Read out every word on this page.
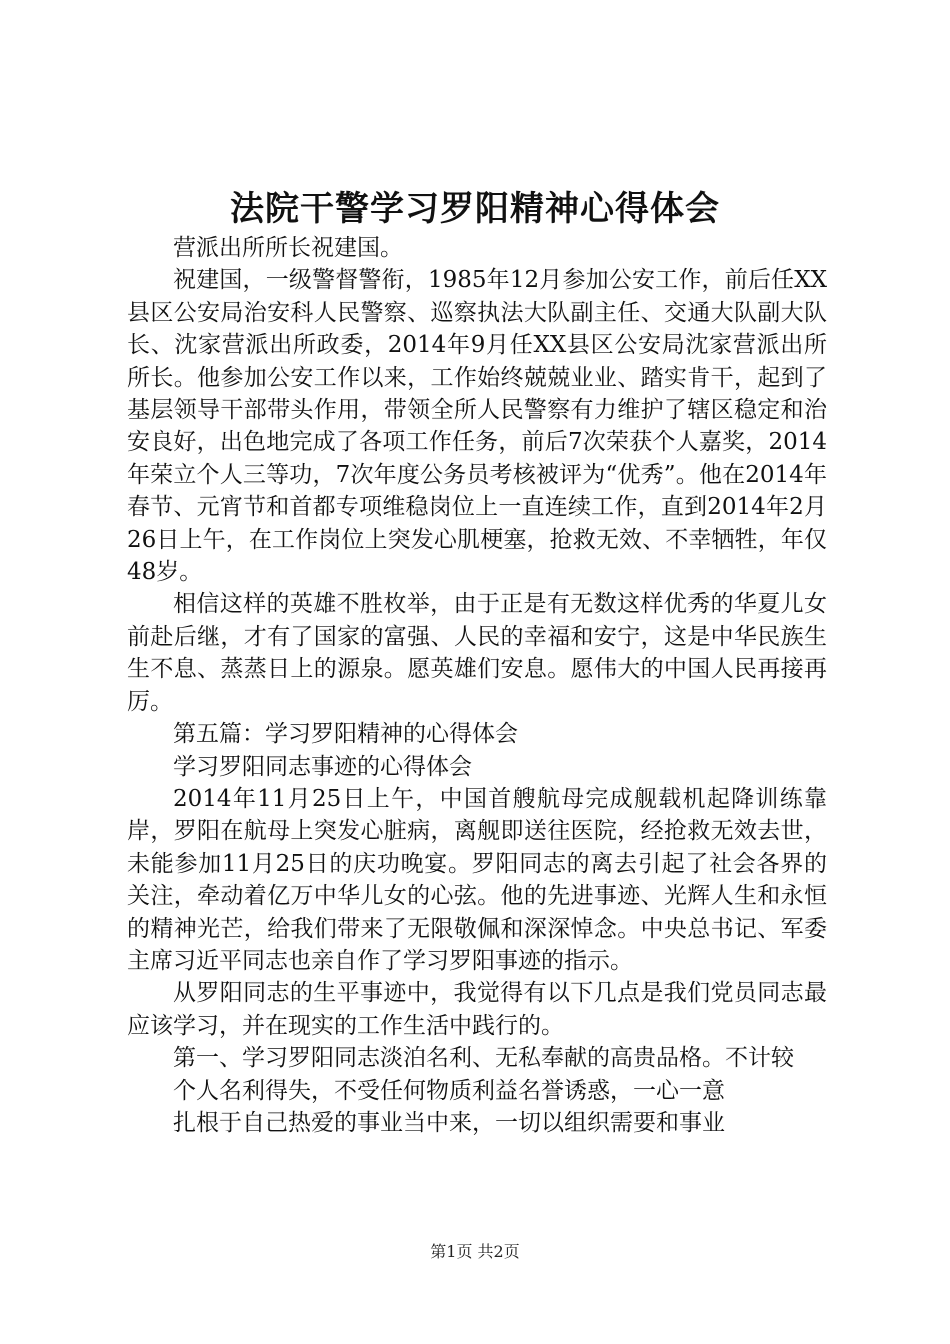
法院干警学习罗阳精神心得体会

营派出所所长祝建国。

祝建国，一级警督警衔，1985年12月参加公安工作，前后任XX县区公安局治安科人民警察、巡察执法大队副主任、交通大队副大队长、沈家营派出所政委，2014年9月任XX县区公安局沈家营派出所所长。他参加公安工作以来，工作始终兢兢业业、踏实肯干，起到了基层领导干部带头作用，带领全所人民警察有力维护了辖区稳定和治安良好，出色地完成了各项工作任务，前后7次荣获个人嘉奖，2014年荣立个人三等功，7次年度公务员考核被评为“优秀”。他在2014年春节、元宵节和首都专项维稳岗位上一直连续工作，直到2014年2月26日上午，在工作岗位上突发心肌梗塞，抢救无效、不幸牺牲，年仅48岁。

相信这样的英雄不胜枚举，由于正是有无数这样优秀的华夏儿女前赴后继，才有了国家的富强、人民的幸福和安宁，这是中华民族生生不息、蒸蒸日上的源泉。愿英雄们安息。愿伟大的中国人民再接再厉。

第五篇：学习罗阳精神的心得体会

学习罗阳同志事迹的心得体会

2014年11月25日上午，中国首艘航母完成舰载机起降训练靠岸，罗阳在航母上突发心脏病，离舰即送往医院，经抢救无效去世，未能参加11月25日的庆功晚宴。罗阳同志的离去引起了社会各界的关注，牵动着亿万中华儿女的心弦。他的先进事迹、光辉人生和永恒的精神光芒，给我们带来了无限敬佩和深深悼念。中央总书记、军委主席习近平同志也亲自作了学习罗阳事迹的指示。

从罗阳同志的生平事迹中，我觉得有以下几点是我们党员同志最应该学习，并在现实的工作生活中践行的。

第一、学习罗阳同志淡泊名利、无私奉献的高贵品格。不计较

个人名利得失，不受任何物质利益名誉诱惑，一心一意

扎根于自己热爱的事业当中来，一切以组织需要和事业

第1页 共2页
